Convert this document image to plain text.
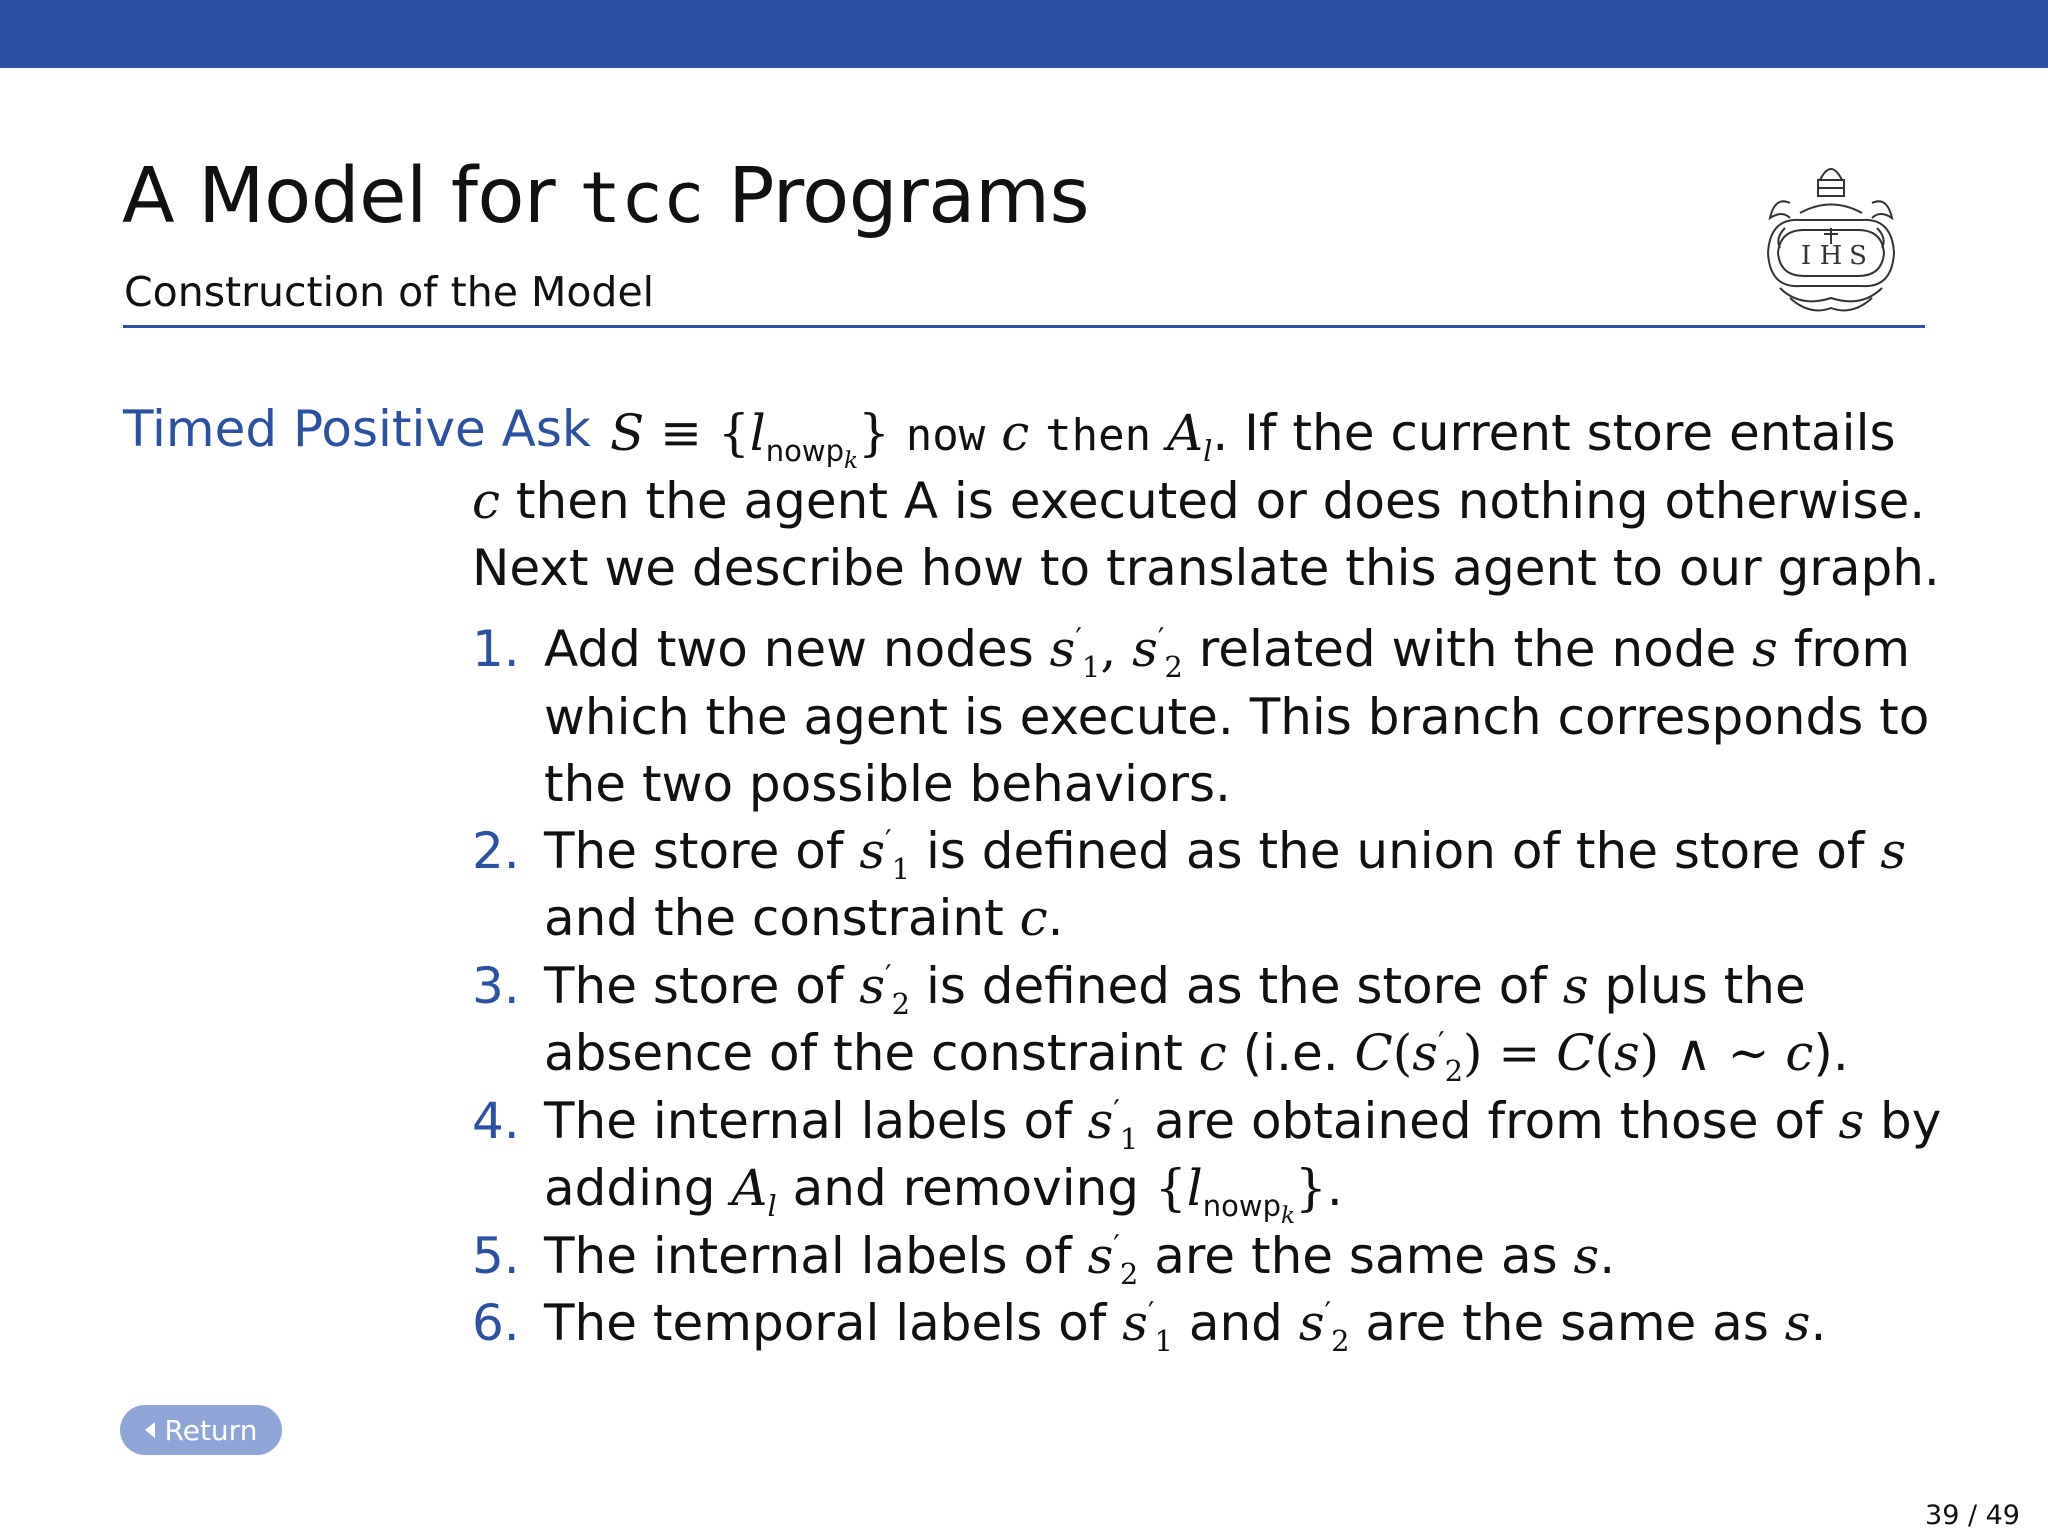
A Model for tcc Programs
Construction of the Model
I H S
Timed Positive Ask $S \equiv \{l_{nowp_k}\}$ now c then $A_l$. If the current store entails
c then the agent A is executed or does nothing otherwise.
Next we describe how to translate this agent to our graph.
1. Add two new nodes $s'_1$, $s'_2$ related with the node s from
which the agent is execute. This branch corresponds to
the two possible behaviors.
2. The store of $s'_1$ is defined as the union of the store of s
and the constraint c.
3. The store of $s'_2$ is defined as the store of s plus the
absence of the constraint c (i.e. $C(s'_2) = C(s)$ ∧ ∼ c).
4. The internal labels of $s'_1$ are obtained from those of s by
adding $A_l$ and removing $\{l_{nowp_k}\}$.
5. The internal labels of $s'_2$ are the same as s.
6. The temporal labels of $s'_1$ and $s'_2$ are the same as s.
Return
39 / 49
